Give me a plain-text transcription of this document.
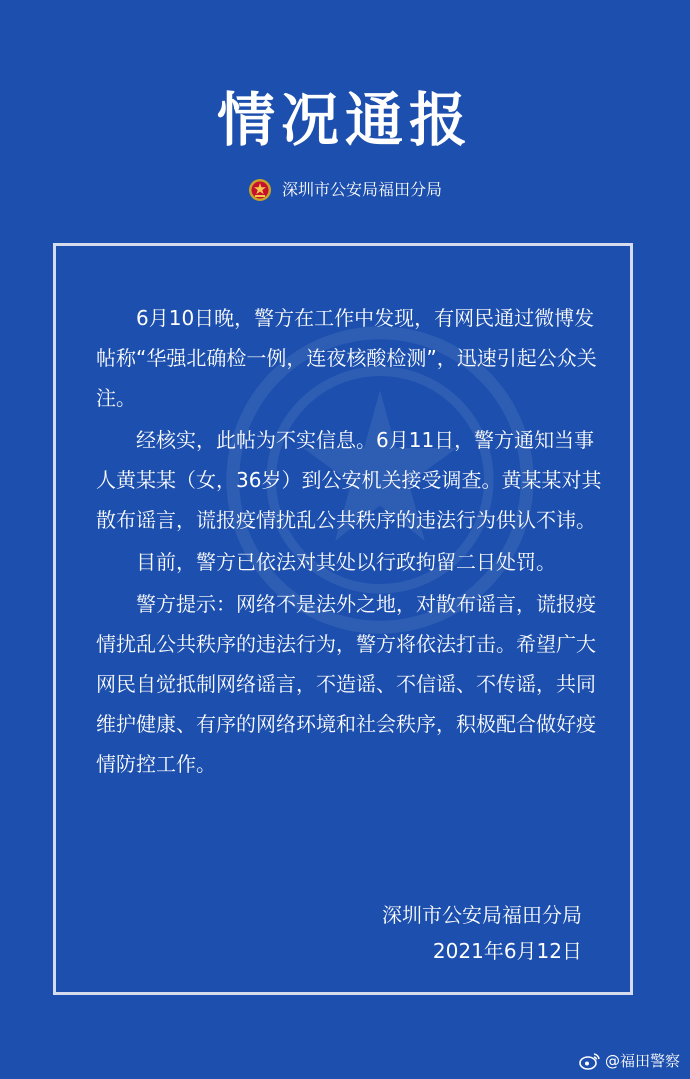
情况通报
深圳市公安局福田分局

6月10日晚，警方在工作中发现，有网民通过微博发帖称“华强北确检一例，连夜核酸检测”，迅速引起公众关注。

经核实，此帖为不实信息。6月11日，警方通知当事人黄某某（女，36岁）到公安机关接受调查。黄某某对其散布谣言，谎报疫情扰乱公共秩序的违法行为供认不讳。

目前，警方已依法对其处以行政拘留二日处罚。

警方提示：网络不是法外之地，对散布谣言，谎报疫情扰乱公共秩序的违法行为，警方将依法打击。希望广大网民自觉抵制网络谣言，不造谣、不信谣、不传谣，共同维护健康、有序的网络环境和社会秩序，积极配合做好疫情防控工作。

深圳市公安局福田分局
2021年6月12日
@福田警察
